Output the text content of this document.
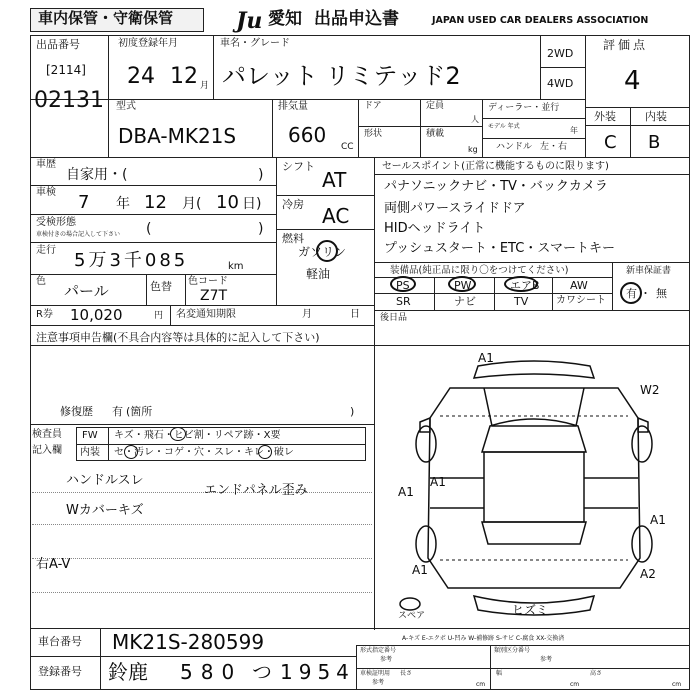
車内保管・守衛保管	Ju 愛知 出品申込書	JAPAN USED CAR DEALERS ASSOCIATION
出品番号
[2114]
02131
初度登録年月
24 12 月
車名・グレード
パレット リミテッド2
2WD
4WD
評価点
4
外装	内装
C B
型式
DBA-MK21S
排気量
660 CC
ドア
形状
定員
人
積載
kg
ディーラー・並行
モデル 年式	年
ハンドル 左・右
車歴
自家用・(	)
車検 7 年 12 月( 10 日)
受検形態
車検付きの場合記入して下さい (	)
走行 5万3千085	km
色
パール	色替 色コード
Z7T
シフト
AT
冷房 AC
燃料
ガソリン
軽油
R券 10,020	円 名変通知期限	月	日
セールスポイント(正常に機能するものに限ります)
パナソニックナビ・TV・バックカメラ
両側パワースライドドア
HIDヘッドライト
プッシュスタート・ETC・スマートキー
装備品(純正品に限り〇をつけてください)
PS	PW	エアB	AW
SR	ナビ	TV	カワシート
新車保証書
有 ・ 無
後日品
注意事項申告欄(不具合内容等は具体的に記入して下さい)
修復歴 有 (箇所	)
検査員
記入欄
FW キズ・飛石・ヒビ割・リペア跡・X要
内装 セ・汚レ・コゲ・穴・スレ・キレ・破レ
ハンドルスレ
Wカバーキズ
右A-V
エンドパネル歪み
A1
W2
A1
A1
A1
A1	A2
スペア	ヒズミ
A-キズ E-エクボ U-凹み W-補修跡 S-サビ C-腐食 XX-交換済
車台番号 MK21S-280599
登録番号 鈴鹿 580 つ 1954
形式指定番号
参考
類別区分番号
参考
車検証明用
参考
長さ
cm
幅
cm
高さ
cm
